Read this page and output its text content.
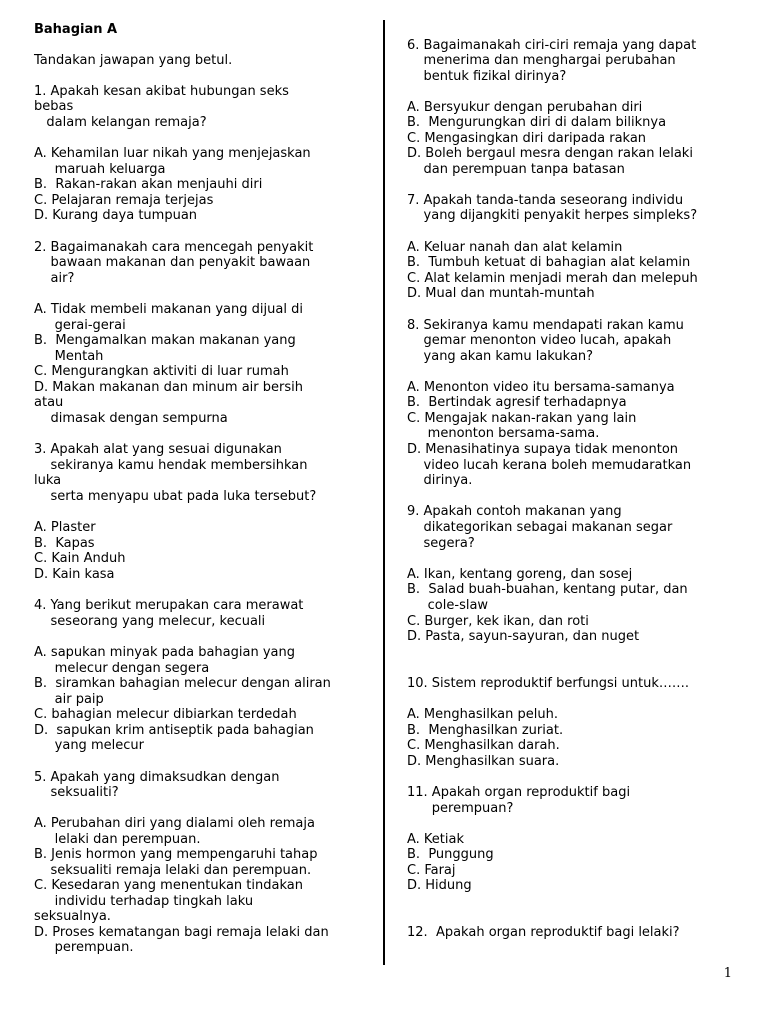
Bahagian A
Tandakan jawapan yang betul.
1. Apakah kesan akibat hubungan seks
bebas
dalam kelangan remaja?
A. Kehamilan luar nikah yang menjejaskan
maruah keluarga
B.  Rakan-rakan akan menjauhi diri
C. Pelajaran remaja terjejas
D. Kurang daya tumpuan
2. Bagaimanakah cara mencegah penyakit
bawaan makanan dan penyakit bawaan
air?
A. Tidak membeli makanan yang dijual di
gerai-gerai
B.  Mengamalkan makan makanan yang
Mentah
C. Mengurangkan aktiviti di luar rumah
D. Makan makanan dan minum air bersih
atau
dimasak dengan sempurna
3. Apakah alat yang sesuai digunakan
sekiranya kamu hendak membersihkan
luka
serta menyapu ubat pada luka tersebut?
A. Plaster
B.  Kapas
C. Kain Anduh
D. Kain kasa
4. Yang berikut merupakan cara merawat
seseorang yang melecur, kecuali
A. sapukan minyak pada bahagian yang
melecur dengan segera
B.  siramkan bahagian melecur dengan aliran
air paip
C. bahagian melecur dibiarkan terdedah
D.  sapukan krim antiseptik pada bahagian
yang melecur
5. Apakah yang dimaksudkan dengan
seksualiti?
A. Perubahan diri yang dialami oleh remaja
lelaki dan perempuan.
B. Jenis hormon yang mempengaruhi tahap
seksualiti remaja lelaki dan perempuan.
C. Kesedaran yang menentukan tindakan
individu terhadap tingkah laku
seksualnya.
D. Proses kematangan bagi remaja lelaki dan
perempuan.
6. Bagaimanakah ciri-ciri remaja yang dapat
menerima dan menghargai perubahan
bentuk fizikal dirinya?
A. Bersyukur dengan perubahan diri
B.  Mengurungkan diri di dalam biliknya
C. Mengasingkan diri daripada rakan
D. Boleh bergaul mesra dengan rakan lelaki
dan perempuan tanpa batasan
7. Apakah tanda-tanda seseorang individu
yang dijangkiti penyakit herpes simpleks?
A. Keluar nanah dan alat kelamin
B.  Tumbuh ketuat di bahagian alat kelamin
C. Alat kelamin menjadi merah dan melepuh
D. Mual dan muntah-muntah
8. Sekiranya kamu mendapati rakan kamu
gemar menonton video lucah, apakah
yang akan kamu lakukan?
A. Menonton video itu bersama-samanya
B.  Bertindak agresif terhadapnya
C. Mengajak nakan-rakan yang lain
menonton bersama-sama.
D. Menasihatinya supaya tidak menonton
video lucah kerana boleh memudaratkan
dirinya.
9. Apakah contoh makanan yang
dikategorikan sebagai makanan segar
segera?
A. Ikan, kentang goreng, dan sosej
B.  Salad buah-buahan, kentang putar, dan
cole-slaw
C. Burger, kek ikan, dan roti
D. Pasta, sayun-sayuran, dan nuget
10. Sistem reproduktif berfungsi untuk…….
A. Menghasilkan peluh.
B.  Menghasilkan zuriat.
C. Menghasilkan darah.
D. Menghasilkan suara.
11. Apakah organ reproduktif bagi
perempuan?
A. Ketiak
B.  Punggung
C. Faraj
D. Hidung
12.  Apakah organ reproduktif bagi lelaki?
1
